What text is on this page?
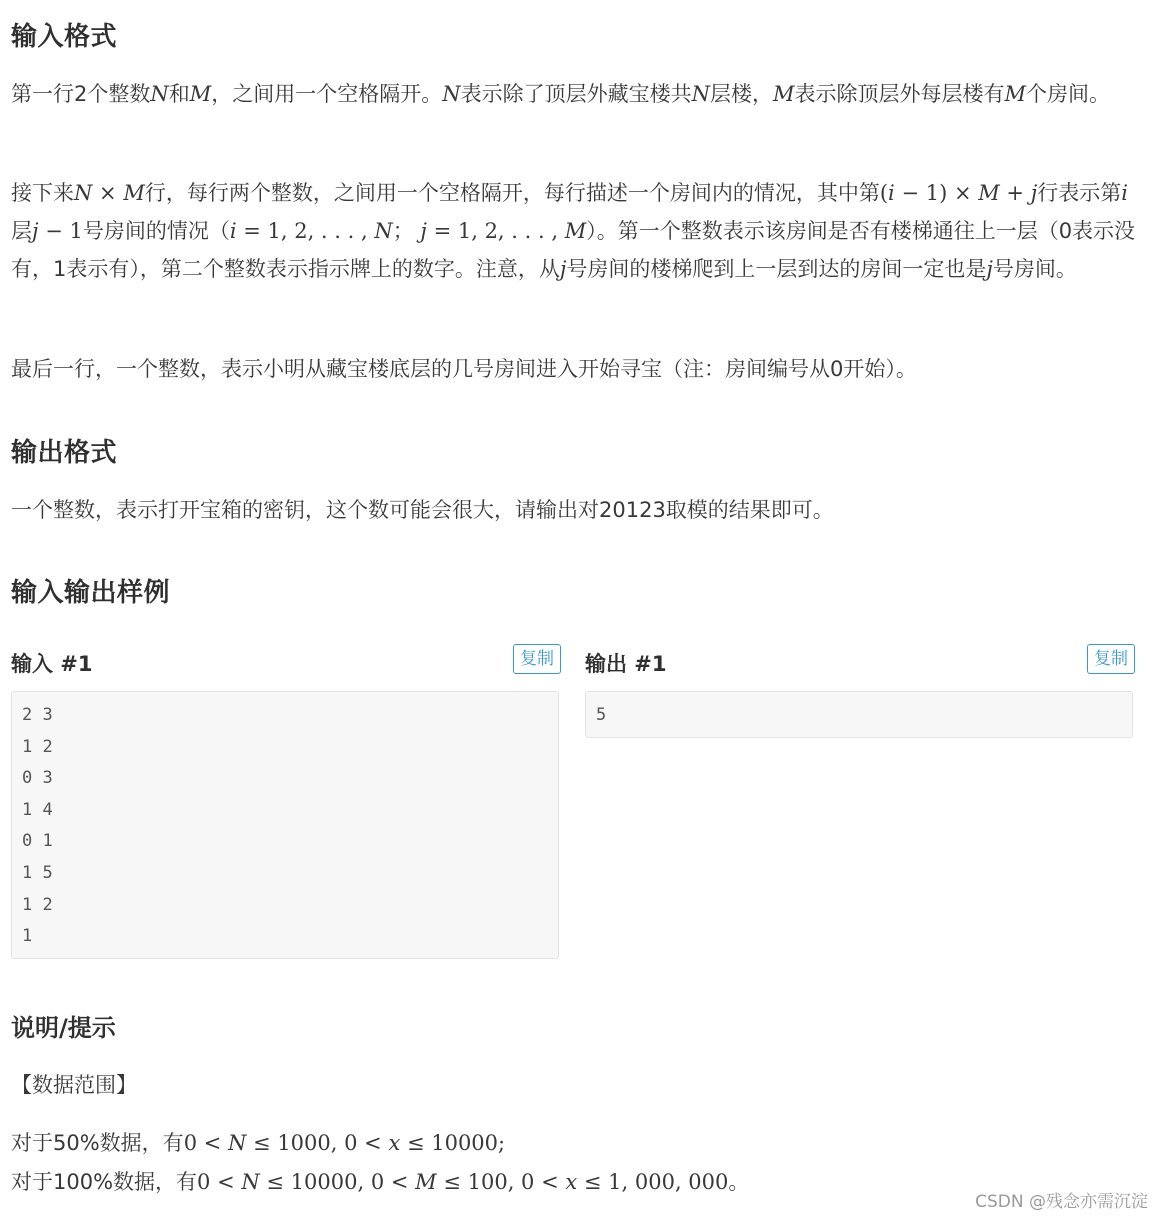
输入格式

第一行2个整数N和M，之间用一个空格隔开。N表示除了顶层外藏宝楼共N层楼，M表示除顶层外每层楼有M个房间。

接下来N × M行，每行两个整数，之间用一个空格隔开，每行描述一个房间内的情况，其中第(i − 1) × M + j行表示第i层j − 1号房间的情况（i = 1, 2, . . . , N； j = 1, 2, . . . , M）。第一个整数表示该房间是否有楼梯通往上一层（0表示没有，1表示有），第二个整数表示指示牌上的数字。注意，从j号房间的楼梯爬到上一层到达的房间一定也是j号房间。

最后一行，一个整数，表示小明从藏宝楼底层的几号房间进入开始寻宝（注：房间编号从0开始）。

输出格式

一个整数，表示打开宝箱的密钥，这个数可能会很大，请输出对20123取模的结果即可。

输入输出样例
输入 #1	复制
2 3
1 2
0 3
1 4
0 1
1 5
1 2
1
输出 #1	复制
5
说明/提示

【数据范围】

对于50%数据，有0 < N ≤ 1000, 0 < x ≤ 10000;

对于100%数据，有0 < N ≤ 10000, 0 < M ≤ 100, 0 < x ≤ 1, 000, 000。

CSDN @残念亦需沉淀
